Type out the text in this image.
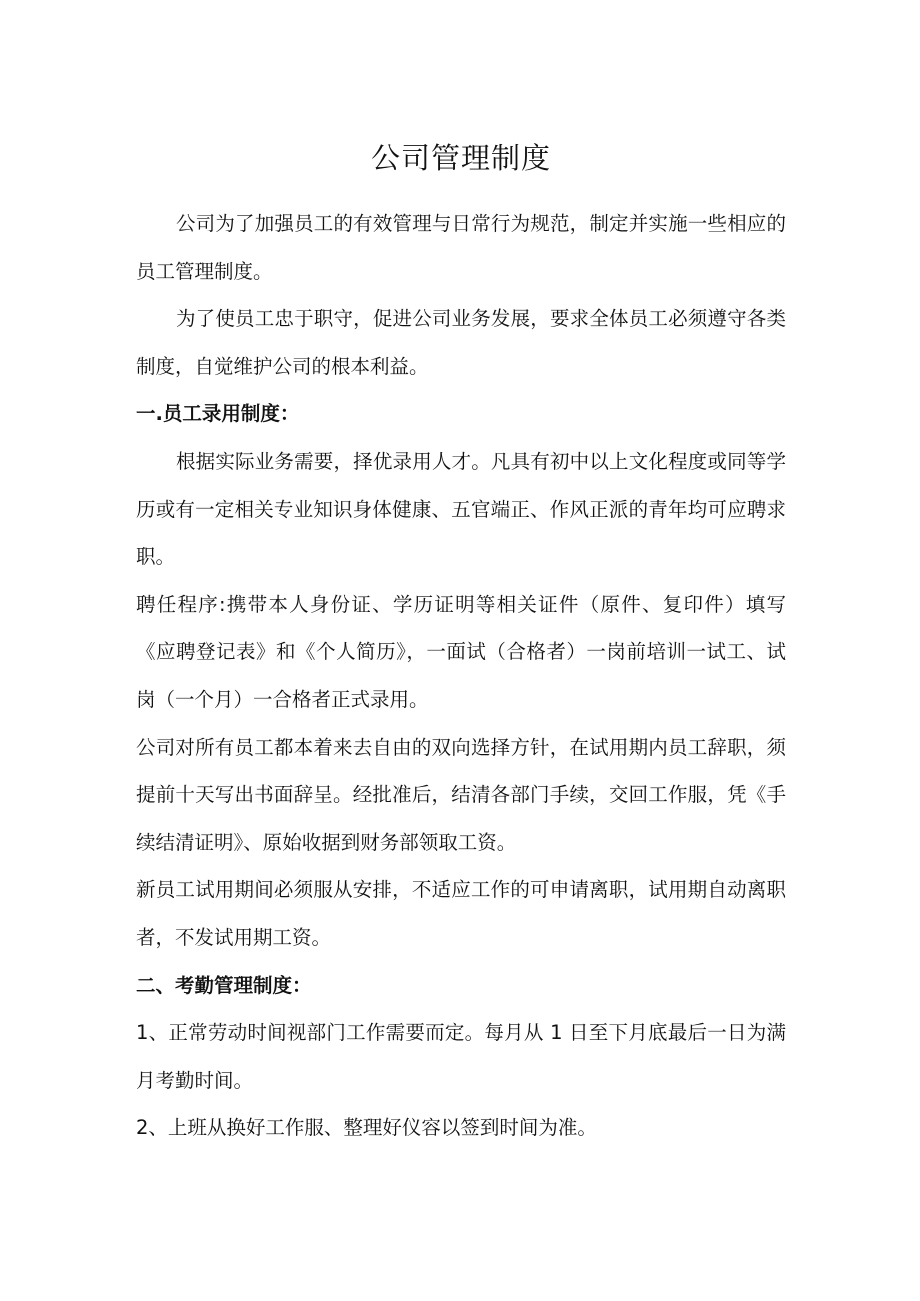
公司管理制度

公司为了加强员工的有效管理与日常行为规范，制定并实施一些相应的员工管理制度。

为了使员工忠于职守，促进公司业务发展，要求全体员工必须遵守各类制度，自觉维护公司的根本利益。

一.员工录用制度：

根据实际业务需要，择优录用人才。凡具有初中以上文化程度或同等学历或有一定相关专业知识身体健康、五官端正、作风正派的青年均可应聘求职。

聘任程序:携带本人身份证、学历证明等相关证件（原件、复印件）填写《应聘登记表》和《个人简历》，一面试（合格者）一岗前培训一试工、试岗（一个月）一合格者正式录用。

公司对所有员工都本着来去自由的双向选择方针，在试用期内员工辞职，须提前十天写出书面辞呈。经批准后，结清各部门手续，交回工作服，凭《手续结清证明》、原始收据到财务部领取工资。

新员工试用期间必须服从安排，不适应工作的可申请离职，试用期自动离职者，不发试用期工资。

二、考勤管理制度：

1、正常劳动时间视部门工作需要而定。每月从 1 日至下月底最后一日为满月考勤时间。

2、上班从换好工作服、整理好仪容以签到时间为准。
